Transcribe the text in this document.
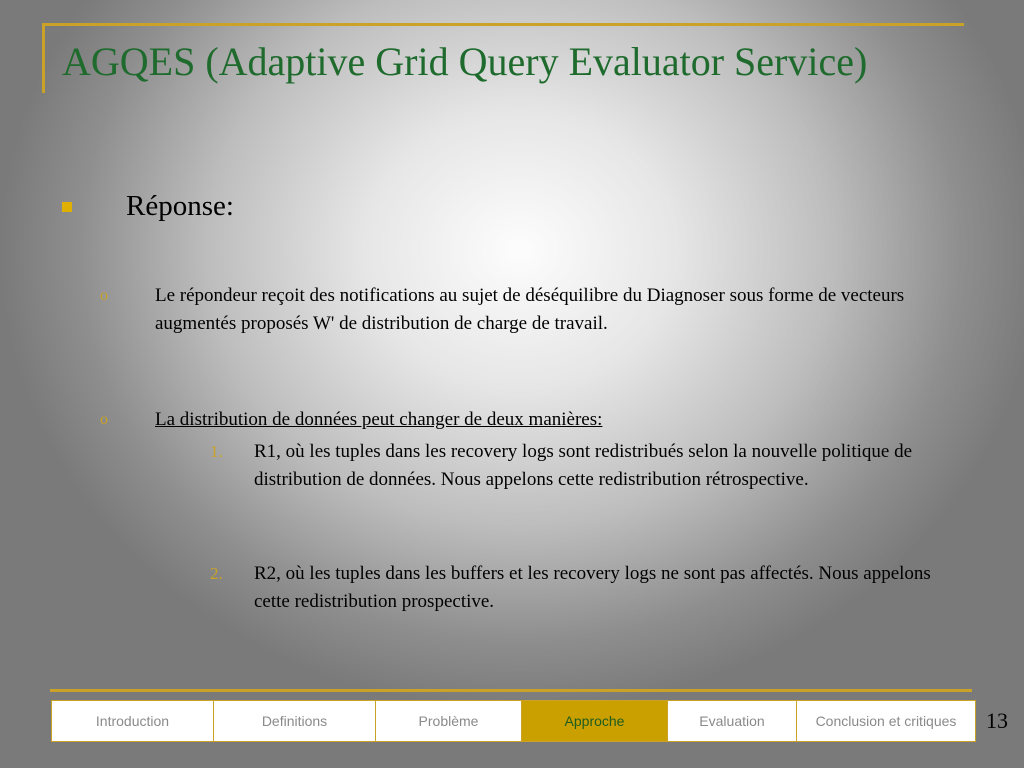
AGQES (Adaptive Grid Query Evaluator Service)
Réponse:
o	Le répondeur reçoit des notifications au sujet de déséquilibre du Diagnoser sous forme de vecteurs augmentés proposés W' de distribution de charge de travail.
o	La distribution de données peut changer de deux manières:
1.	R1, où les tuples dans les recovery logs sont redistribués selon la nouvelle politique de distribution de données. Nous appelons cette redistribution rétrospective.
2.	R2, où les tuples dans les buffers et les recovery logs ne sont pas affectés. Nous appelons cette redistribution prospective.
Introduction	Definitions	Problème	Approche	Evaluation	Conclusion et critiques	13
